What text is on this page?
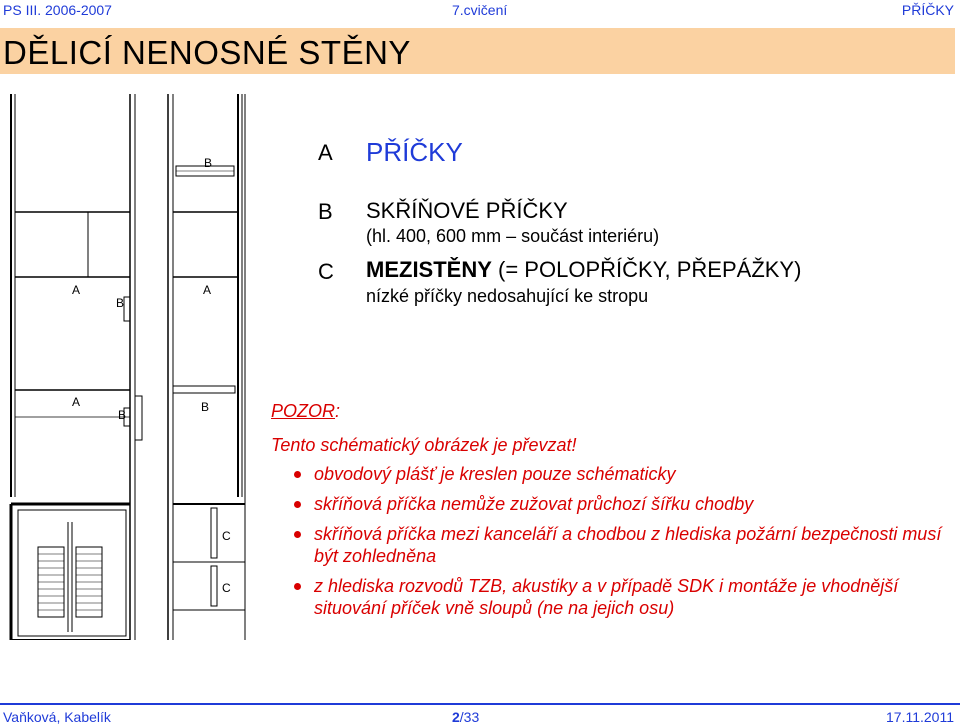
PS III. 2006-2007	7.cvičení	PŘÍČKY
DĚLICÍ NENOSNÉ STĚNY
B
A
B
A
A
B
B
C
C
A PŘÍČKY
B SKŘÍŇOVÉ PŘÍČKY
(hl. 400, 600 mm – součást interiéru)
C MEZISTĚNY (= POLOPŘÍČKY, PŘEPÁŽKY)
nízké příčky nedosahující ke stropu
POZOR:
Tento schématický obrázek je převzat!
obvodový plášť je kreslen pouze schématicky
skříňová příčka nemůže zužovat průchozí šířku chodby
skříňová příčka mezi kanceláří a chodbou z hlediska požární bezpečnosti musí být zohledněna
z hlediska rozvodů TZB, akustiky a v případě SDK i montáže je vhodnější situování příček vně sloupů (ne na jejich osu)
Vaňková, Kabelík	2/33	17.11.2011
